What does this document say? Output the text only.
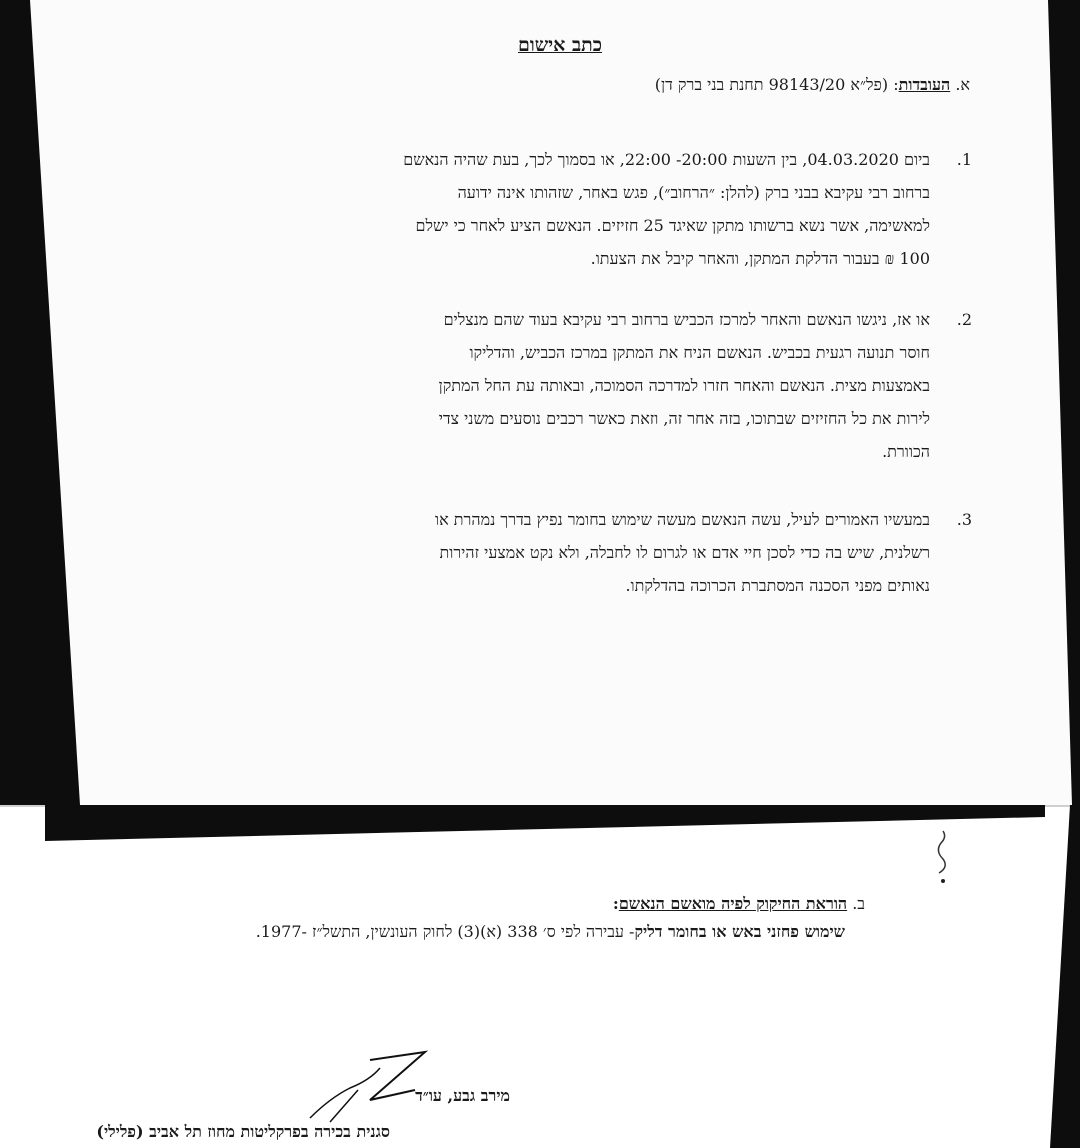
כתב אישום
א. העובדות: (פל״א 98143/20 תחנת בני ברק דן)
1.
ביום 04.03.2020, בין השעות 20:00- 22:00, או בסמוך לכך, בעת שהיה הנאשם
ברחוב רבי עקיבא בבני ברק (להלן: ״הרחוב״), פגש באחר, שזהותו אינה ידועה
למאשימה, אשר נשא ברשותו מתקן שאיגד 25 חזיזים. הנאשם הציע לאחר כי ישלם
100 ₪ בעבור הדלקת המתקן, והאחר קיבל את הצעתו.
2.
או אז, ניגשו הנאשם והאחר למרכז הכביש ברחוב רבי עקיבא בעוד שהם מנצלים
חוסר תנועה רגעית בכביש. הנאשם הניח את המתקן במרכז הכביש, והדליקו
באמצעות מצית. הנאשם והאחר חזרו למדרכה הסמוכה, ובאותה עת החל המתקן
לירות את כל החזיזים שבתוכו, בזה אחר זה, וזאת כאשר רכבים נוסעים משני צדי
הכוורת.
3.
במעשיו האמורים לעיל, עשה הנאשם מעשה שימוש בחומר נפיץ בדרך נמהרת או
רשלנית, שיש בה כדי לסכן חיי אדם או לגרום לו לחבלה, ולא נקט אמצעי זהירות
נאותים מפני הסכנה המסתברת הכרוכה בהדלקתו.
ב. הוראת החיקוק לפיה מואשם הנאשם:
שימוש פחזני באש או בחומר דליק- עבירה לפי ס׳ 338 (א)(3) לחוק העונשין, התשל״ז -1977.
מירב גבע, עו״ד
סגנית בכירה בפרקליטות מחוז תל אביב (פלילי)
